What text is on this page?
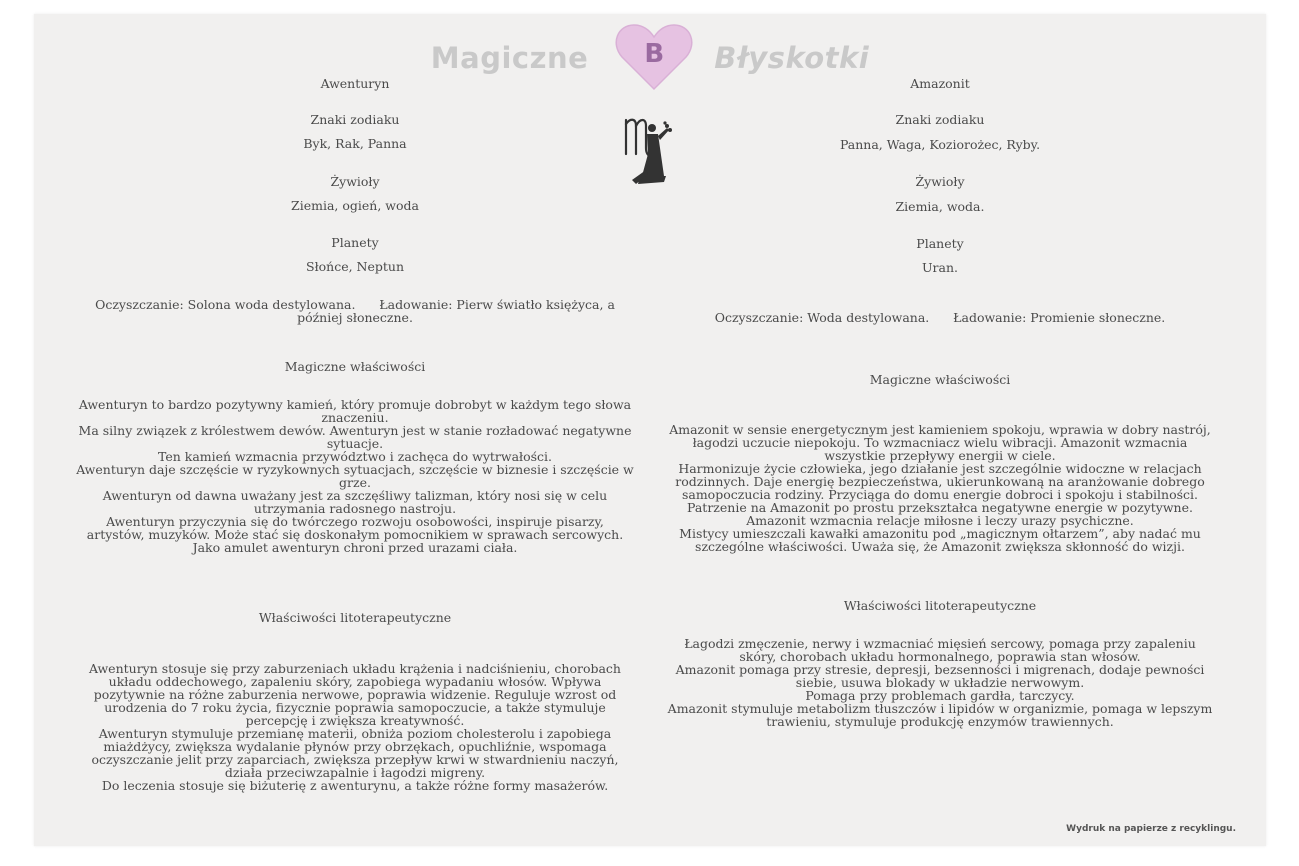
Magiczne	B	Błyskotki
Awenturyn
Znaki zodiaku
Byk, Rak, Panna
Żywioły
Ziemia, ogień, woda
Planety
Słońce, Neptun
Oczyszczanie: Solona woda destylowana. Ładowanie: Pierw światło księżyca, a
później słoneczne.
Magiczne właściwości
Awenturyn to bardzo pozytywny kamień, który promuje dobrobyt w każdym tego słowa
znaczeniu.
Ma silny związek z królestwem dewów. Awenturyn jest w stanie rozładować negatywne
sytuacje.
Ten kamień wzmacnia przywództwo i zachęca do wytrwałości.
Awenturyn daje szczęście w ryzykownych sytuacjach, szczęście w biznesie i szczęście w
grze.
Awenturyn od dawna uważany jest za szczęśliwy talizman, który nosi się w celu
utrzymania radosnego nastroju.
Awenturyn przyczynia się do twórczego rozwoju osobowości, inspiruje pisarzy,
artystów, muzyków. Może stać się doskonałym pomocnikiem w sprawach sercowych.
Jako amulet awenturyn chroni przed urazami ciała.
Właściwości litoterapeutyczne
Awenturyn stosuje się przy zaburzeniach układu krążenia i nadciśnieniu, chorobach
układu oddechowego, zapaleniu skóry, zapobiega wypadaniu włosów. Wpływa
pozytywnie na różne zaburzenia nerwowe, poprawia widzenie. Reguluje wzrost od
urodzenia do 7 roku życia, fizycznie poprawia samopoczucie, a także stymuluje
percepcję i zwiększa kreatywność.
Awenturyn stymuluje przemianę materii, obniża poziom cholesterolu i zapobiega
miażdżycy, zwiększa wydalanie płynów przy obrzękach, opuchliźnie, wspomaga
oczyszczanie jelit przy zaparciach, zwiększa przepływ krwi w stwardnieniu naczyń,
działa przeciwzapalnie i łagodzi migreny.
Do leczenia stosuje się biżuterię z awenturynu, a także różne formy masażerów.
Amazonit
Znaki zodiaku
Panna, Waga, Koziorożec, Ryby.
Żywioły
Ziemia, woda.
Planety
Uran.
Oczyszczanie: Woda destylowana. Ładowanie: Promienie słoneczne.
Magiczne właściwości
Amazonit w sensie energetycznym jest kamieniem spokoju, wprawia w dobry nastrój,
łagodzi uczucie niepokoju. To wzmacniacz wielu wibracji. Amazonit wzmacnia
wszystkie przepływy energii w ciele.
Harmonizuje życie człowieka, jego działanie jest szczególnie widoczne w relacjach
rodzinnych. Daje energię bezpieczeństwa, ukierunkowaną na aranżowanie dobrego
samopoczucia rodziny. Przyciąga do domu energie dobroci i spokoju i stabilności.
Patrzenie na Amazonit po prostu przekształca negatywne energie w pozytywne.
Amazonit wzmacnia relacje miłosne i leczy urazy psychiczne.
Mistycy umieszczali kawałki amazonitu pod „magicznym ołtarzem”, aby nadać mu
szczególne właściwości. Uważa się, że Amazonit zwiększa skłonność do wizji.
Właściwości litoterapeutyczne
Łagodzi zmęczenie, nerwy i wzmacniać mięsień sercowy, pomaga przy zapaleniu
skóry, chorobach układu hormonalnego, poprawia stan włosów.
Amazonit pomaga przy stresie, depresji, bezsenności i migrenach, dodaje pewności
siebie, usuwa blokady w układzie nerwowym.
Pomaga przy problemach gardła, tarczycy.
Amazonit stymuluje metabolizm tłuszczów i lipidów w organizmie, pomaga w lepszym
trawieniu, stymuluje produkcję enzymów trawiennych.
Wydruk na papierze z recyklingu.
